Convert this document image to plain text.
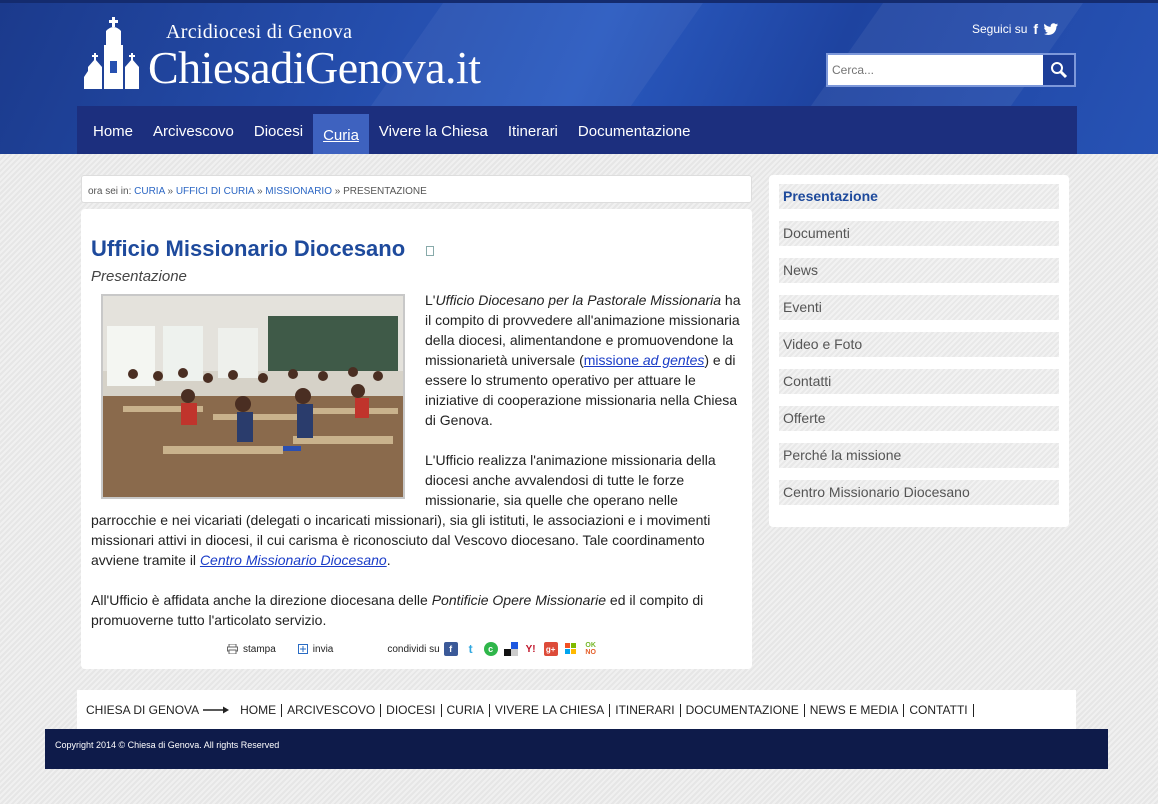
Arcidiocesi di Genova
ChiesadiGenova.it
Seguici su f
Cerca...
Home	Arcivescovo	Diocesi	Curia	Vivere la Chiesa	Itinerari	Documentazione
ora sei in: CURIA » UFFICI DI CURIA » MISSIONARIO » PRESENTAZIONE
Ufficio Missionario Diocesano
Presentazione

L'Ufficio Diocesano per la Pastorale Missionaria ha il compito di provvedere all'animazione missionaria della diocesi, alimentandone e promuovendone la missionarietà universale (missione ad gentes) e di essere lo strumento operativo per attuare le iniziative di cooperazione missionaria nella Chiesa di Genova.

L'Ufficio realizza l'animazione missionaria della diocesi anche avvalendosi di tutte le forze missionarie, sia quelle che operano nelle parrocchie e nei vicariati (delegati o incaricati missionari), sia gli istituti, le associazioni e i movimenti missionari attivi in diocesi, il cui carisma è riconosciuto dal Vescovo diocesano. Tale coordinamento avviene tramite il Centro Missionario Diocesano.

All'Ufficio è affidata anche la direzione diocesana delle Pontificie Opere Missionarie ed il compito di promuoverne tutto l'articolato servizio.

stampa	invia	condividi su	f	t	c	Y! g+	OK
NO
Presentazione
Documenti
News
Eventi
Video e Foto
Contatti
Offerte
Perché la missione
Centro Missionario Diocesano
CHIESA DI GENOVA	HOME ARCIVESCOVO DIOCESI CURIA VIVERE LA CHIESA ITINERARI DOCUMENTAZIONE NEWS E MEDIA CONTATTI
Copyright 2014 © Chiesa di Genova. All rights Reserved
